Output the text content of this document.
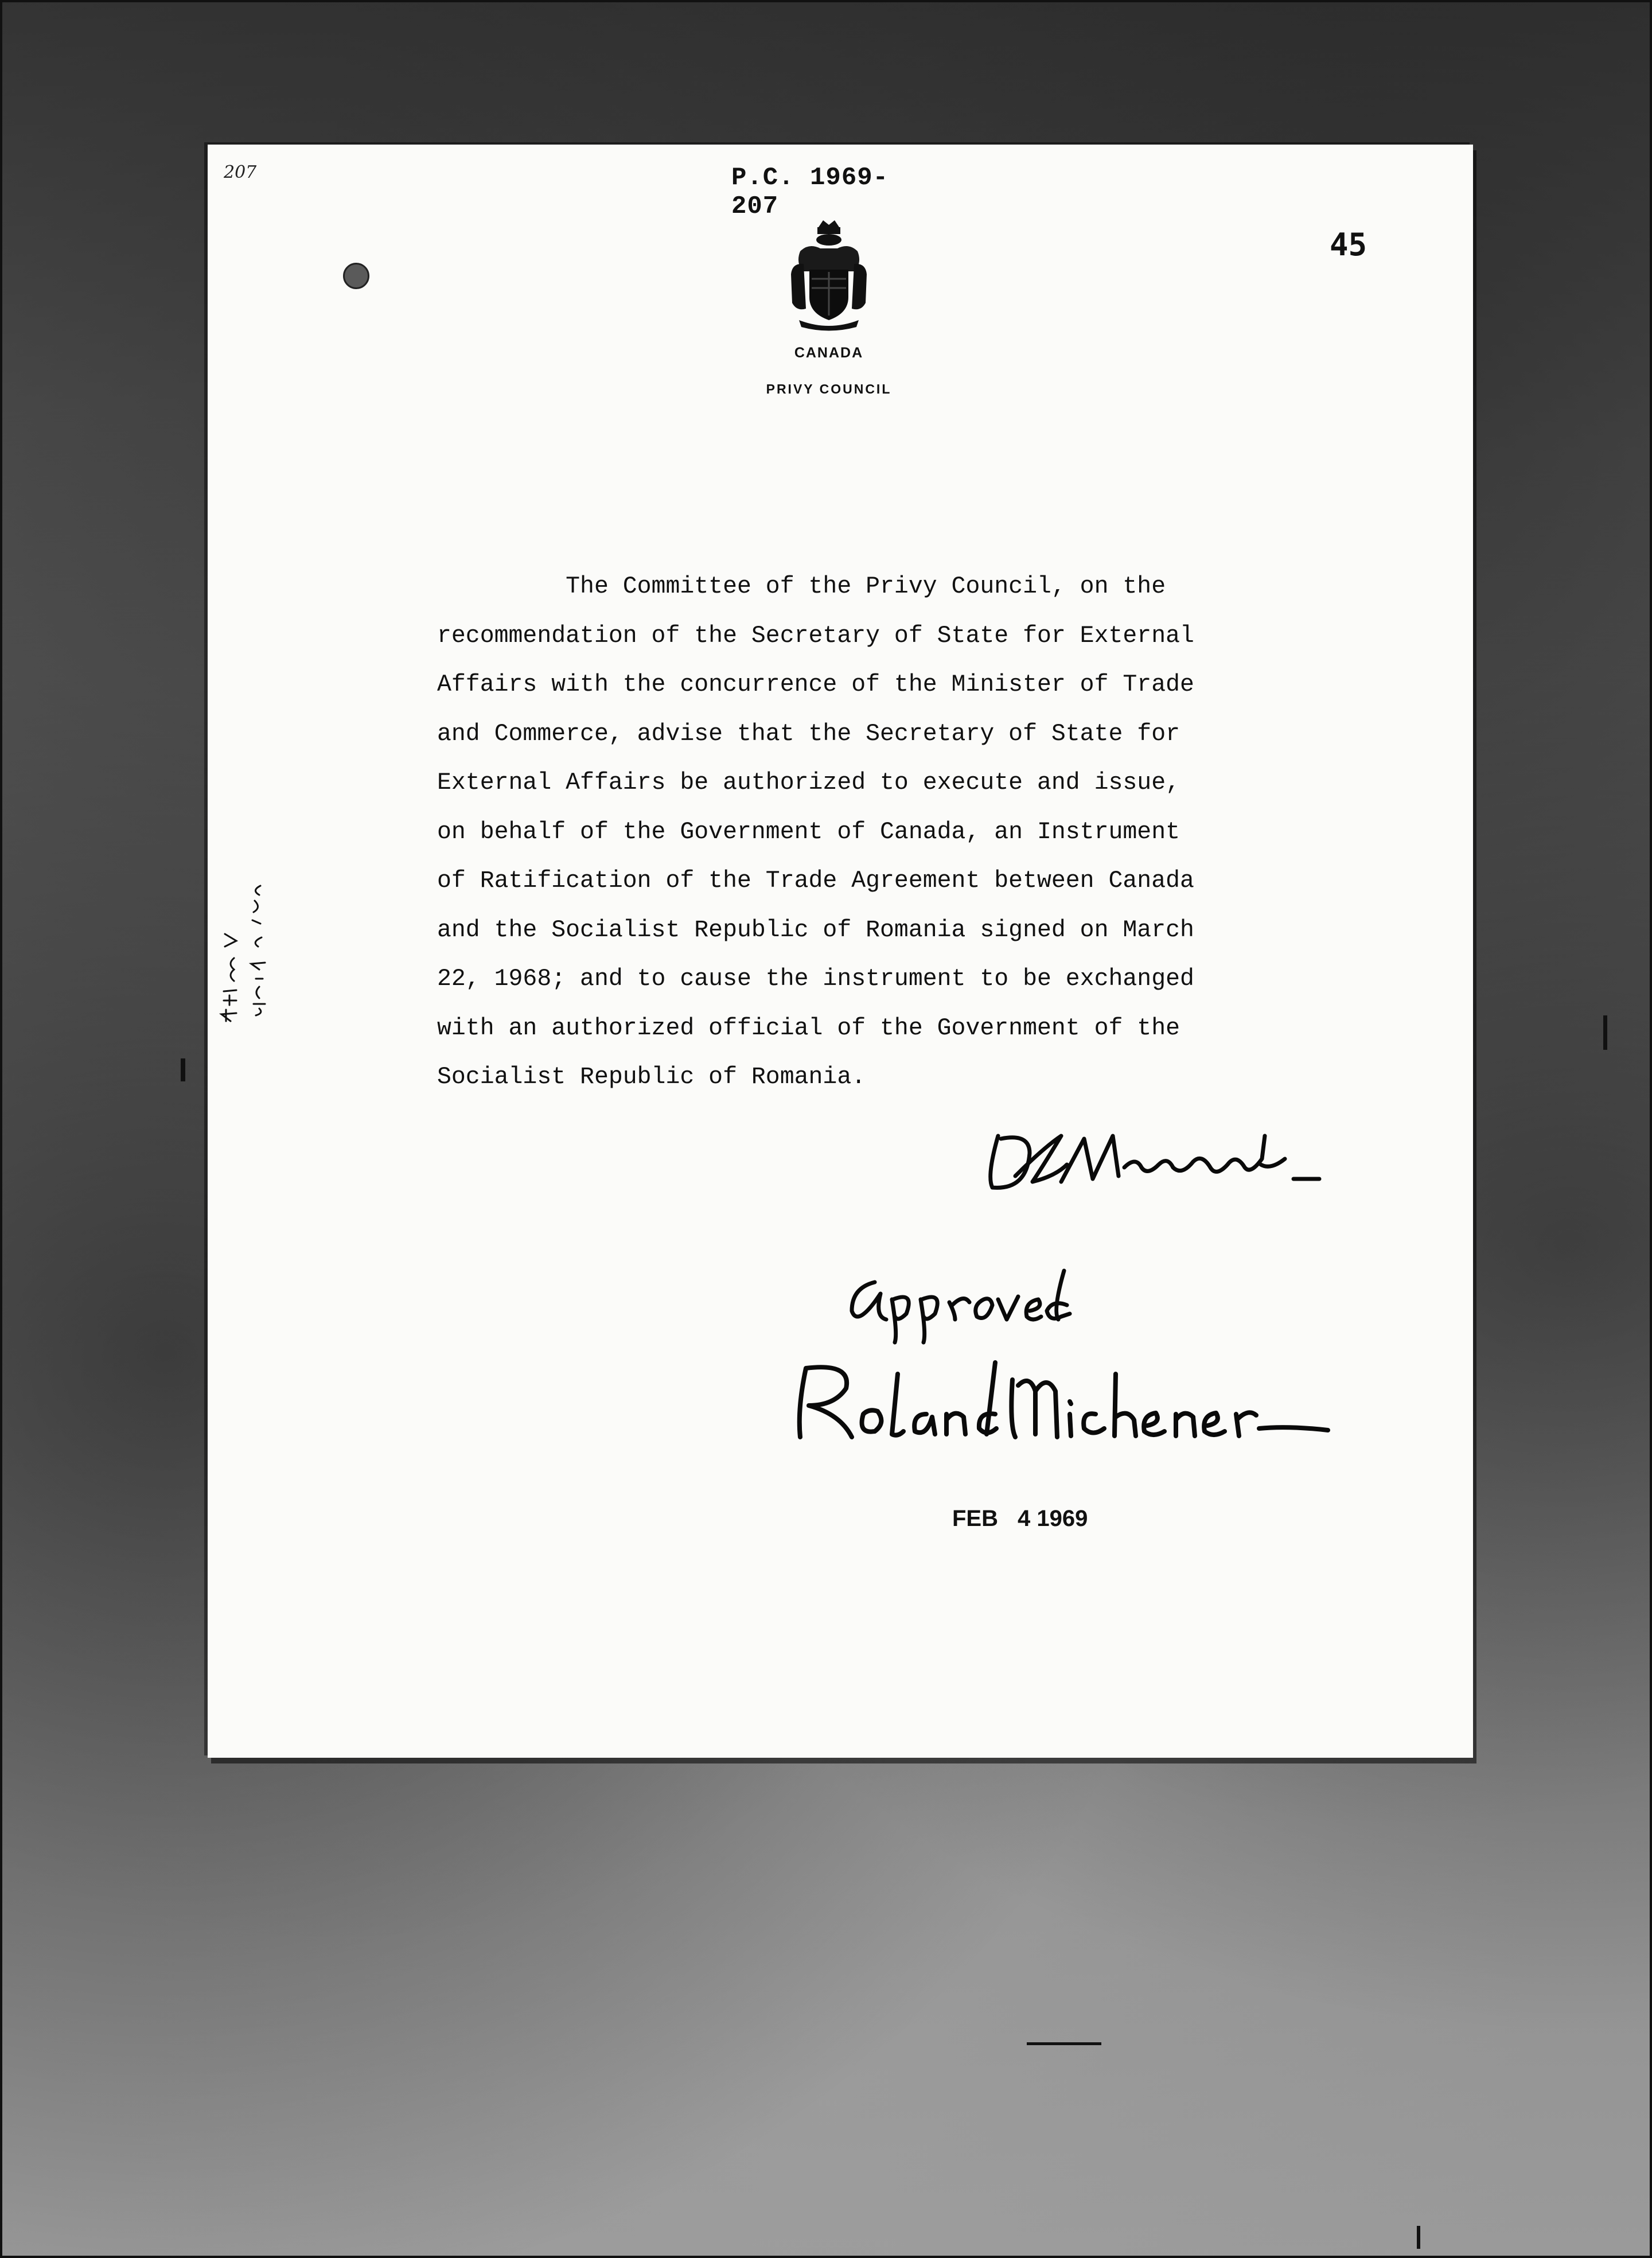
207	P.C. 1969-207
45
CANADA
PRIVY COUNCIL
The Committee of the Privy Council, on the
recommendation of the Secretary of State for External
Affairs with the concurrence of the Minister of Trade
and Commerce, advise that the Secretary of State for
External Affairs be authorized to execute and issue,
on behalf of the Government of Canada, an Instrument
of Ratification of the Trade Agreement between Canada
and the Socialist Republic of Romania signed on March
22, 1968; and to cause the instrument to be exchanged
with an authorized official of the Government of the
Socialist Republic of Romania.
FEB 4 1969
